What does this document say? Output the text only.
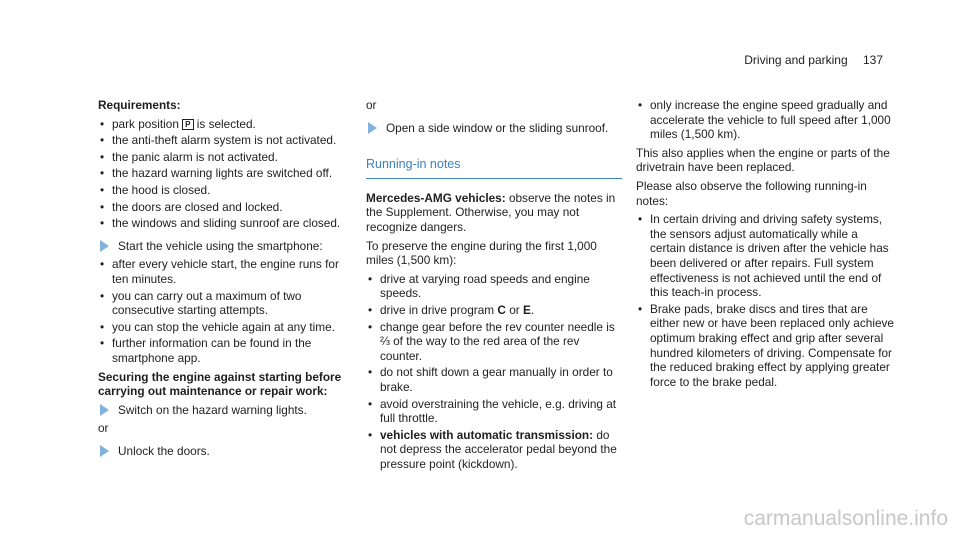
Driving and parking 137

Requirements:

• park position P is selected.
• the anti-theft alarm system is not activated.
• the panic alarm is not activated.
• the hazard warning lights are switched off.
• the hood is closed.
• the doors are closed and locked.
• the windows and sliding sunroof are closed.
Start the vehicle using the smartphone:
• after every vehicle start, the engine runs for ten minutes.
• you can carry out a maximum of two consecutive starting attempts.
• you can stop the vehicle again at any time.
• further information can be found in the smartphone app.

Securing the engine against starting before carrying out maintenance or repair work:

Switch on the hazard warning lights.

or

Unlock the doors.

or

Open a side window or the sliding sunroof.
Running-in notes

Mercedes-AMG vehicles: observe the notes in the Supplement. Otherwise, you may not recognize dangers.

To preserve the engine during the first 1,000 miles (1,500 km):

• drive at varying road speeds and engine speeds.
• drive in drive program C or E.
• change gear before the rev counter needle is ⅔ of the way to the red area of the rev counter.
• do not shift down a gear manually in order to brake.
• avoid overstraining the vehicle, e.g. driving at full throttle.
• vehicles with automatic transmission: do not depress the accelerator pedal beyond the pressure point (kickdown).
• only increase the engine speed gradually and accelerate the vehicle to full speed after 1,000 miles (1,500 km).

This also applies when the engine or parts of the drivetrain have been replaced.

Please also observe the following running-in notes:

• In certain driving and driving safety systems, the sensors adjust automatically while a certain distance is driven after the vehicle has been delivered or after repairs. Full system effectiveness is not achieved until the end of this teach-in process.
• Brake pads, brake discs and tires that are either new or have been replaced only achieve optimum braking effect and grip after several hundred kilometers of driving. Compensate for the reduced braking effect by applying greater force to the brake pedal.
carmanualsonline.info
